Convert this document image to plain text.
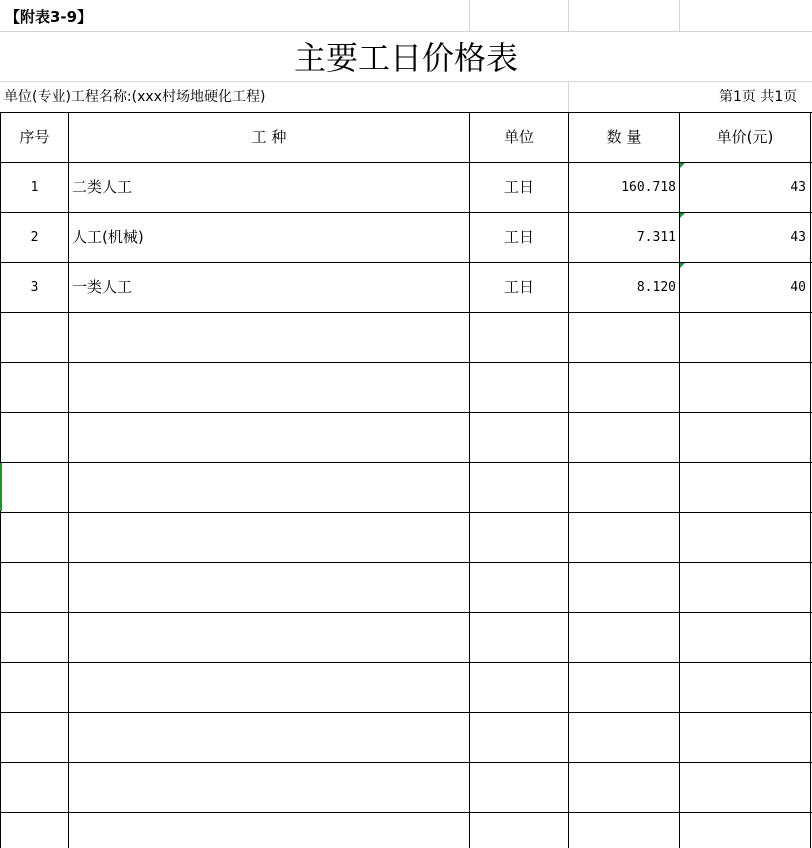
【附表3-9】
主要工日价格表
单位(专业)工程名称:(xxx村场地硬化工程)	第1页 共1页
序号	工 种	单位	数 量	单价(元)
1	二类人工	工日	160.718	43
2	人工(机械)	工日	7.311	43
3	一类人工	工日	8.120	40
